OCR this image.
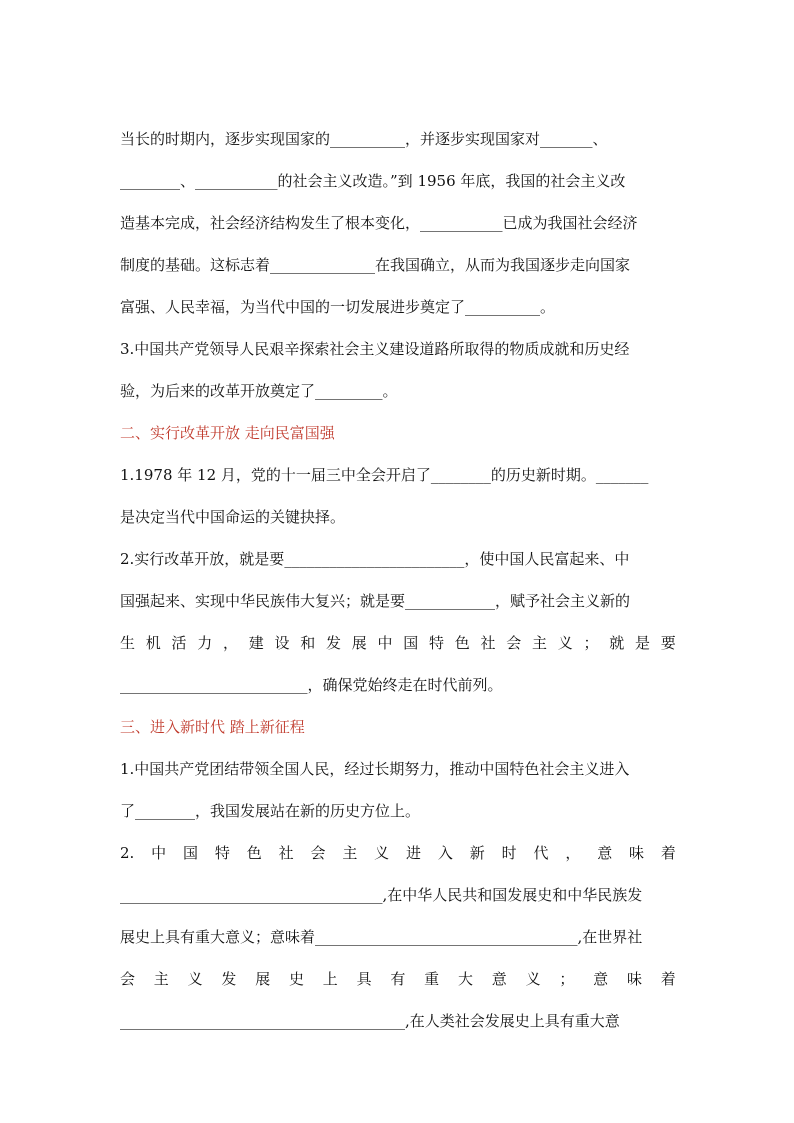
当长的时期内，逐步实现国家的__________，并逐步实现国家对_______、

________、___________的社会主义改造。”到 1956 年底，我国的社会主义改

造基本完成，社会经济结构发生了根本变化，___________已成为我国社会经济

制度的基础。这标志着______________在我国确立，从而为我国逐步走向国家

富强、人民幸福，为当代中国的一切发展进步奠定了__________。

3.中国共产党领导人民艰辛探索社会主义建设道路所取得的物质成就和历史经

验，为后来的改革开放奠定了_________。

二、实行改革开放 走向民富国强

1.1978 年 12 月，党的十一届三中全会开启了________的历史新时期。_______

是决定当代中国命运的关键抉择。

2.实行改革开放，就是要________________________，使中国人民富起来、中

国强起来、实现中华民族伟大复兴；就是要____________，赋予社会主义新的

生 机 活 力 ， 建 设 和 发 展 中 国 特 色 社 会 主 义 ； 就 是 要

_________________________，确保党始终走在时代前列。

三、进入新时代 踏上新征程

1.中国共产党团结带领全国人民，经过长期努力，推动中国特色社会主义进入

了________，我国发展站在新的历史方位上。

2. 中 国 特 色 社 会 主 义 进 入 新 时 代 ， 意 味 着

___________________________________,在中华人民共和国发展史和中华民族发

展史上具有重大意义；意味着___________________________________,在世界社

会 主 义 发 展 史 上 具 有 重 大 意 义 ； 意 味 着

______________________________________,在人类社会发展史上具有重大意
